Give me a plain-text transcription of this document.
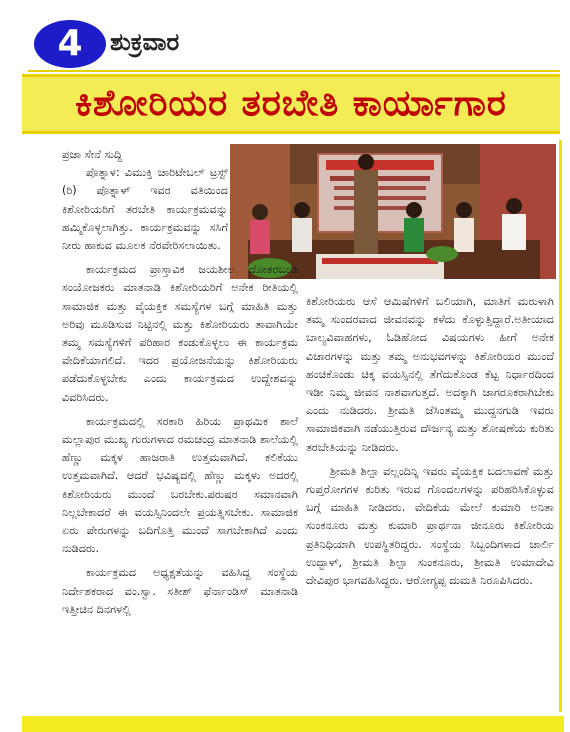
4 ಶುಕ್ರವಾರ
ಕಿಶೋರಿಯರ ತರಬೇತಿ ಕಾರ್ಯಾಗಾರ

ಪ್ರಜಾ ಸೇನೆ ಸುದ್ದಿ

ಪೊತ್ನಾಳ: ವಿಮುಕ್ತಿ ಚಾರಿಟೇಬಲ್ ಟ್ರಸ್ಟ್ (ರಿ) ಪೊತ್ನಾಳ್ ಇವರ ವತಿಯಿಂದ ಕಿಶೋರಿಯರಿಗೆ ತರಬೇತಿ ಕಾರ್ಯಕ್ರಮವನ್ನು ಹಮ್ಮಿಕೊಳ್ಳಲಾಗಿತ್ತು. ಕಾರ್ಯಕ್ರಮವನ್ನು ಸಸಿಗೆ ನೀರು ಹಾಕುವ ಮೂಲಕ ನೆರವೇರಿಸಲಾಯಿತು.

ಕಾರ್ಯಕ್ರಮದ ಪ್ರಾಸ್ತಾವಿಕ ಜಯಶೀಲ ದೋತರಬಂಡಿ ಸಂಯೋಜಕರು ಮಾತನಾಡಿ ಕಿಶೋರಿಯರಿಗೆ ಅನೇಕ ರೀತಿಯಲ್ಲಿ ಸಾಮಾಜಿಕ ಮತ್ತು ವೈಯಕ್ತಿಕ ಸಮಸ್ಯೆಗಳ ಬಗ್ಗೆ ಮಾಹಿತಿ ಮತ್ತು ಅರಿವು ಮೂಡಿಸುವ ನಿಟ್ಟಿನಲ್ಲಿ ಮತ್ತು ಕಿಶೋರಿಯರು ತಾವಾಗಿಯೇ ತಮ್ಮ ಸಮಸ್ಯೆಗಳಿಗೆ ಪರಿಹಾರ ಕಂಡುಕೊಳ್ಳಲು ಈ ಕಾರ್ಯಕ್ರಮ ವೇದಿಕೆಯಾಗಲಿದೆ. ಇದರ ಪ್ರಯೋಜನೆಯನ್ನು ಕಿಶೋರಿಯರು ಪಡೆದುಕೊಳ್ಳಬೇಕು ಎಂದು ಕಾರ್ಯಕ್ರಮದ ಉದ್ದೇಶವನ್ನು ವಿವರಿಸಿದರು.

ಕಾರ್ಯಕ್ರಮದಲ್ಲಿ ಸರಕಾರಿ ಹಿರಿಯ ಪ್ರಾಥಮಿಕ ಶಾಲೆ ಮಲ್ಲಾಪುರ ಮುಖ್ಯ ಗುರುಗಳಾದ ರಮಚಂದ್ರ ಮಾತನಾಡಿ ಶಾಲೆಯಲ್ಲಿ ಹೆಣ್ಣು ಮಕ್ಕಳ ಹಾಜರಾತಿ ಉತ್ತಮವಾಗಿದೆ. ಕಲಿಕೆಯು ಉತ್ತಮವಾಗಿದೆ. ಆದರೆ ಭವಿಷ್ಯದಲ್ಲಿ ಹೆಣ್ಣು ಮಕ್ಕಳು ಅದರಲ್ಲಿ ಕಿಶೋರಿಯರು ಮುಂದೆ ಬರಬೇಕು.ಪರುಷರ ಸಮಾನವಾಗಿ ನಿಲ್ಲಬೇಕಾದರೆ ಈ ವಯಸ್ಸಿನಿಂದಲೇ ಪ್ರಯತ್ನಿಸಬೇಕು. ಸಾಮಾಜಿಕ ಏರು ಪೇರುಗಳನ್ನು ಬದಿಗೊತ್ತಿ ಮುಂದೆ ಸಾಗಬೇಕಾಗಿದೆ ಎಂದು ನುಡಿದರು.

ಕಾರ್ಯಕ್ರಮದ ಅಧ್ಯಕ್ಷತೆಯನ್ನು ವಹಿಸಿದ್ದ ಸಂಸ್ಥೆಯ ನಿರ್ದೇಶಕರಾದ ವಂ.ಸ್ವಾ. ಸತೀಶ್ ಫೆರ್ನಾಂಡಿಸ್ ಮಾತನಾಡಿ ಇತ್ತೀಚಿನ ದಿನಗಳಲ್ಲಿ

ಕಿಶೋರಿಯರು ಆಸೆ ಆಮಿಷೆಗಳಿಗೆ ಬಲಿಯಾಗಿ, ಮಾತಿಗೆ ಮರುಳಾಗಿ ತಮ್ಮ ಸುಂದರವಾದ ಜೀವನವನ್ನು ಕಳೆದು ಕೊಳ್ಳುತ್ತಿದ್ದಾರೆ.ಅತೀಯಾದ ಬಾಲ್ಯವಿವಾಹಗಳು, ಓಡಿಹೋದ ವಿಷಯಗಳು ಹೀಗೆ ಅನೇಕ ವಿಚಾರಗಳನ್ನು ಮತ್ತು ತಮ್ಮ ಅನುಭವಗಳನ್ನು ಕಿಶೋರಿಯರ ಮುಂದೆ ಹಂಚಿಕೊಂಡು ಚಿಕ್ಕ ವಯಸ್ಸಿನಲ್ಲಿ ತೆಗೆದುಕೊಂಡ ಕೆಟ್ಟ ನಿರ್ಧಾರದಿಂದ ಇಡೀ ನಿಮ್ಮ ಜೀವನ ನಾಶವಾಗುತ್ತದೆ. ಅದಕ್ಕಾಗಿ ಜಾಗರೂಕರಾಗಿಬೇಕು ಎಂದು ನುಡಿದರು. ಶ್ರೀಮತಿ ಜೆಸಿಂತಮ್ಮ ಮುದ್ದನಗುಡಿ ಇವರು ಸಾಮಾಜಿಕವಾಗಿ ನಡೆಯುತ್ತಿರುವ ದೌರ್ಜನ್ಯ ಮತ್ತು ಶೋಷಣೆಯ ಕುರಿತು ತರಬೇತಿಯನ್ನು ನೀಡಿದರು.

ಶ್ರೀಮತಿ ಶಿಲ್ಪಾ ವಲ್ಲಂದಿನ್ನಿ ಇವರು ವೈಯಕ್ತಿಕ ಬದಲಾವಣೆ ಮತ್ತು ಗುಪ್ತರೋಗಗಳ ಕುರಿತು ಇರುವ ಗೊಂದಲಗಳನ್ನು ಪರಿಹರಿಸಿಕೊಳ್ಳುವ ಬಗ್ಗೆ ಮಾಹಿತಿ ನೀಡಿದರು. ವೇದಿಕೆಯ ಮೇಲೆ ಕುಮಾರಿ ಅನಿತಾ ಸುಂಕನೂರು ಮತ್ತು ಕುಮಾರಿ ಪ್ರಾರ್ಥನಾ ಜೀನೂರು ಕಿಶೋರಿಯ ಪ್ರತಿನಿಧಿಯಾಗಿ ಉಪಸ್ಥಿತರಿದ್ದರು. ಸಂಸ್ಥೆಯ ಸಿಬ್ಬಂದಿಗಳಾದ ಚಾರ್ಲಿ ಉದ್ಬಾಳ್, ಶ್ರೀಮತಿ ಶಿಲ್ಪಾ ಸುಂಕನೂರು, ಶ್ರೀಮತಿ ಉಮಾದೇವಿ ದೇವಿಪುರ ಭಾಗವಹಿಸಿದ್ದರು. ಆರೋಗ್ಯಪ್ಪ ದುಮತಿ ನಿರೂಪಿಸಿದರು.
